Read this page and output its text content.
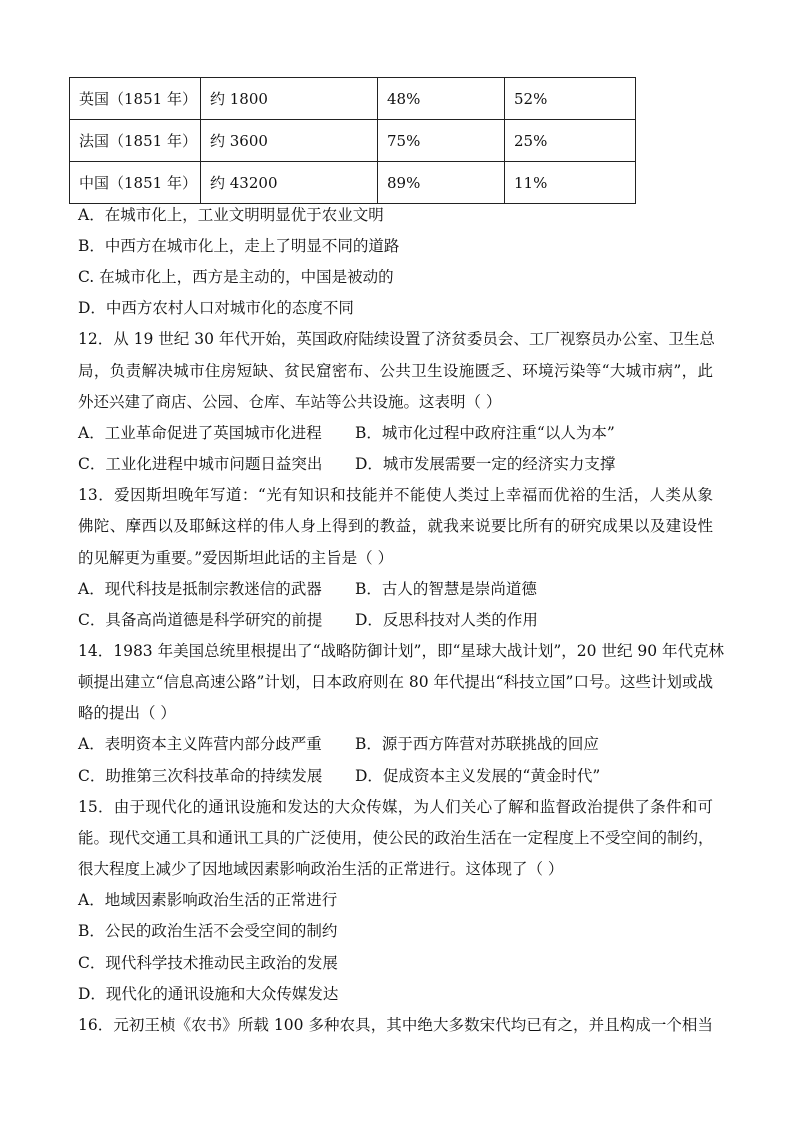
英国（1851 年）	约 1800	48%	52%
法国（1851 年）	约 3600	75%	25%
中国（1851 年）	约 43200	89%	11%
A．在城市化上，工业文明明显优于农业文明
B．中西方在城市化上，走上了明显不同的道路
C. 在城市化上，西方是主动的，中国是被动的
D．中西方农村人口对城市化的态度不同
12．从 19 世纪 30 年代开始，英国政府陆续设置了济贫委员会、工厂视察员办公室、卫生总
局，负责解决城市住房短缺、贫民窟密布、公共卫生设施匮乏、环境污染等“大城市病”，此
外还兴建了商店、公园、仓库、车站等公共设施。这表明（ ）
A．工业革命促进了英国城市化进程 B．城市化过程中政府注重“以人为本”
C．工业化进程中城市问题日益突出 D．城市发展需要一定的经济实力支撑
13．爱因斯坦晚年写道：“光有知识和技能并不能使人类过上幸福而优裕的生活，人类从象
佛陀、摩西以及耶稣这样的伟人身上得到的教益，就我来说要比所有的研究成果以及建设性
的见解更为重要。”爱因斯坦此话的主旨是（ ）
A．现代科技是抵制宗教迷信的武器 B．古人的智慧是崇尚道德
C．具备高尚道德是科学研究的前提 D．反思科技对人类的作用
14．1983 年美国总统里根提出了“战略防御计划”，即“星球大战计划”，20 世纪 90 年代克林
顿提出建立“信息高速公路”计划，日本政府则在 80 年代提出“科技立国”口号。这些计划或战
略的提出（ ）
A．表明资本主义阵营内部分歧严重 B．源于西方阵营对苏联挑战的回应
C．助推第三次科技革命的持续发展 D．促成资本主义发展的“黄金时代”
15．由于现代化的通讯设施和发达的大众传媒，为人们关心了解和监督政治提供了条件和可
能。现代交通工具和通讯工具的广泛使用，使公民的政治生活在一定程度上不受空间的制约，
很大程度上减少了因地域因素影响政治生活的正常进行。这体现了（ ）
A．地域因素影响政治生活的正常进行
B．公民的政治生活不会受空间的制约
C．现代科学技术推动民主政治的发展
D．现代化的通讯设施和大众传媒发达
16．元初王桢《农书》所载 100 多种农具，其中绝大多数宋代均已有之，并且构成一个相当
